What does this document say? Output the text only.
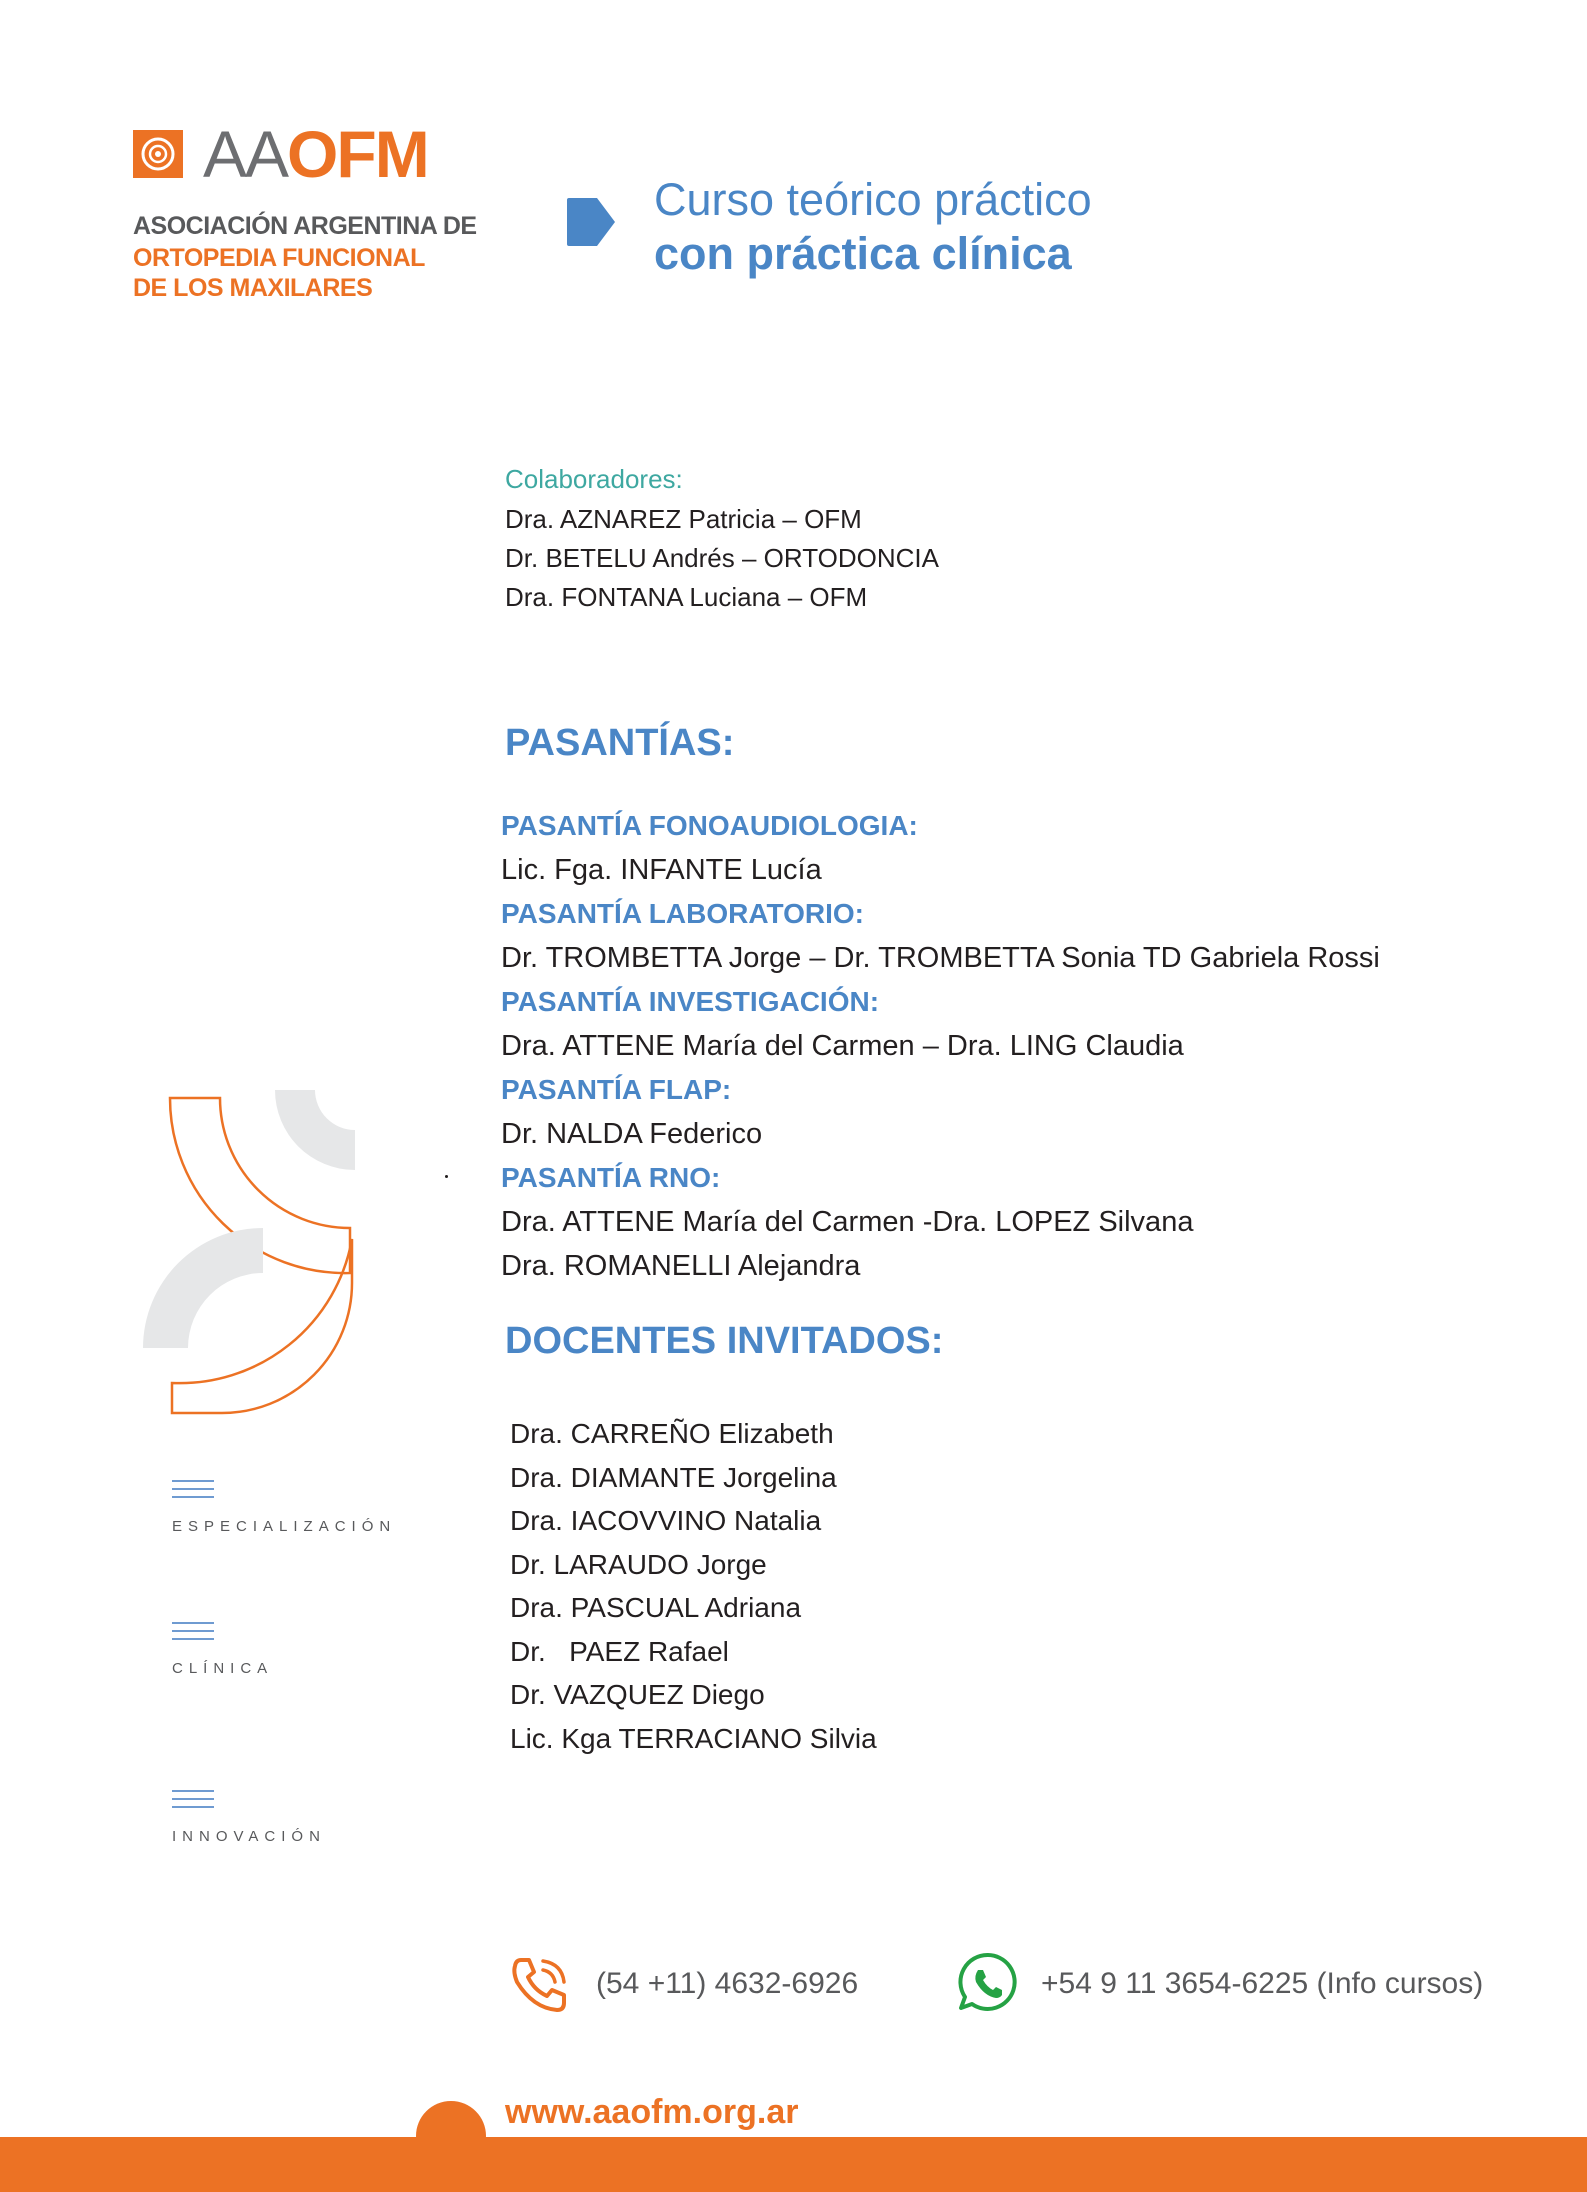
AAOFM
ASOCIACIÓN ARGENTINA DE
ORTOPEDIA FUNCIONAL
DE LOS MAXILARES
Curso teórico práctico
con práctica clínica
Colaboradores:
Dra. AZNAREZ Patricia – OFM
Dr. BETELU Andrés – ORTODONCIA
Dra. FONTANA Luciana – OFM
PASANTÍAS:
PASANTÍA FONOAUDIOLOGIA:
Lic. Fga. INFANTE Lucía
PASANTÍA LABORATORIO:
Dr. TROMBETTA Jorge – Dr. TROMBETTA Sonia TD Gabriela Rossi
PASANTÍA INVESTIGACIÓN:
Dra. ATTENE María del Carmen – Dra. LING Claudia
PASANTÍA FLAP:
Dr. NALDA Federico
PASANTÍA RNO:
Dra. ATTENE María del Carmen -Dra. LOPEZ Silvana
Dra. ROMANELLI Alejandra
DOCENTES INVITADOS:
Dra. CARREÑO Elizabeth
Dra. DIAMANTE Jorgelina
Dra. IACOVVINO Natalia
Dr. LARAUDO Jorge
Dra. PASCUAL Adriana
Dr.   PAEZ Rafael
Dr. VAZQUEZ Diego
Lic. Kga TERRACIANO Silvia
ESPECIALIZACIÓN
CLÍNICA
INNOVACIÓN
(54 +11) 4632-6926	+54 9 11 3654-6225 (Info cursos)
www.aaofm.org.ar
